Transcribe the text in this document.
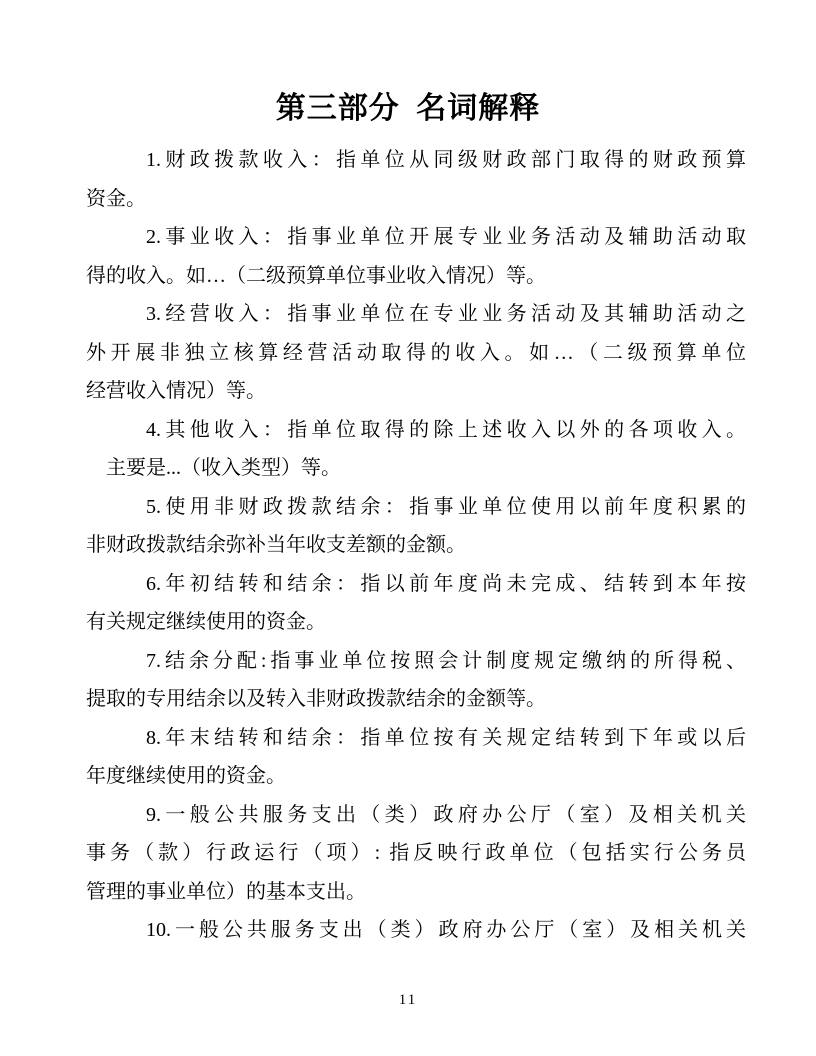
第三部分 名词解释
1.财政拨款收入：指单位从同级财政部门取得的财政预算
资金。
2.事业收入：指事业单位开展专业业务活动及辅助活动取
得的收入。如…（二级预算单位事业收入情况）等。
3.经营收入：指事业单位在专业业务活动及其辅助活动之
外开展非独立核算经营活动取得的收入。如…（二级预算单位
经营收入情况）等。
4.其他收入：指单位取得的除上述收入以外的各项收入。
　主要是...（收入类型）等。
5.使用非财政拨款结余：指事业单位使用以前年度积累的
非财政拨款结余弥补当年收支差额的金额。
6.年初结转和结余：指以前年度尚未完成、结转到本年按
有关规定继续使用的资金。
7.结余分配:指事业单位按照会计制度规定缴纳的所得税、
提取的专用结余以及转入非财政拨款结余的金额等。
8.年末结转和结余：指单位按有关规定结转到下年或以后
年度继续使用的资金。
9.一般公共服务支出（类）政府办公厅（室）及相关机关
事务（款）行政运行（项）: 指反映行政单位（包括实行公务员
管理的事业单位）的基本支出。
10.一般公共服务支出（类）政府办公厅（室）及相关机关
11
